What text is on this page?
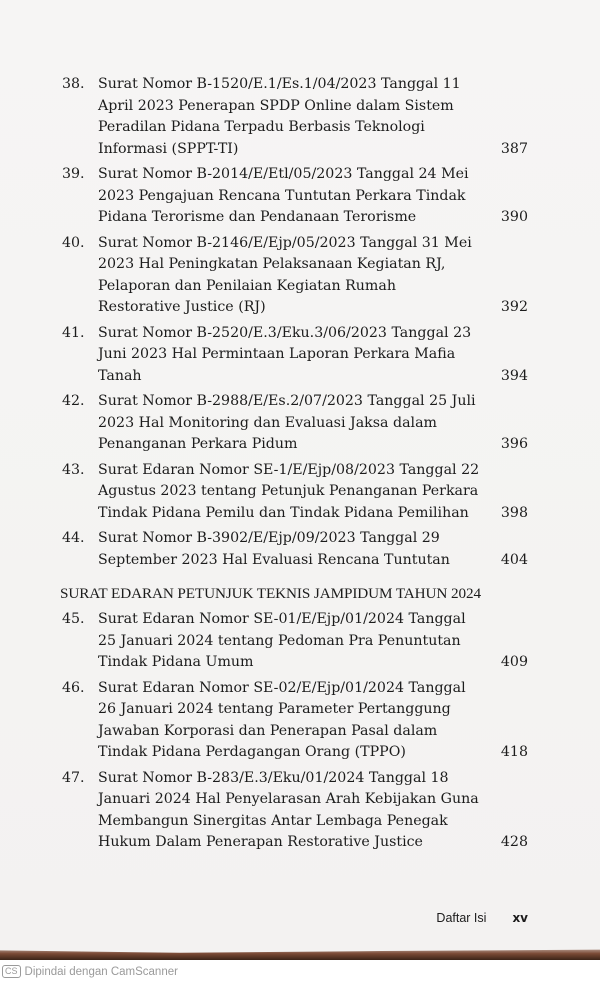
38. Surat Nomor B-1520/E.1/Es.1/04/2023 Tanggal 11 April 2023 Penerapan SPDP Online dalam Sistem Peradilan Pidana Terpadu Berbasis Teknologi Informasi (SPPT-TI)	387
39. Surat Nomor B-2014/E/Etl/05/2023 Tanggal 24 Mei 2023 Pengajuan Rencana Tuntutan Perkara Tindak Pidana Terorisme dan Pendanaan Terorisme	390
40. Surat Nomor B-2146/E/Ejp/05/2023 Tanggal 31 Mei 2023 Hal Peningkatan Pelaksanaan Kegiatan RJ, Pelaporan dan Penilaian Kegiatan Rumah Restorative Justice (RJ)	392
41. Surat Nomor B-2520/E.3/Eku.3/06/2023 Tanggal 23 Juni 2023 Hal Permintaan Laporan Perkara Mafia Tanah	394
42. Surat Nomor B-2988/E/Es.2/07/2023 Tanggal 25 Juli 2023 Hal Monitoring dan Evaluasi Jaksa dalam Penanganan Perkara Pidum	396
43. Surat Edaran Nomor SE-1/E/Ejp/08/2023 Tanggal 22 Agustus 2023 tentang Petunjuk Penanganan Perkara Tindak Pidana Pemilu dan Tindak Pidana Pemilihan	398
44. Surat Nomor B-3902/E/Ejp/09/2023 Tanggal 29 September 2023 Hal Evaluasi Rencana Tuntutan	404
SURAT EDARAN PETUNJUK TEKNIS JAMPIDUM TAHUN 2024
45. Surat Edaran Nomor SE-01/E/Ejp/01/2024 Tanggal 25 Januari 2024 tentang Pedoman Pra Penuntutan Tindak Pidana Umum	409
46. Surat Edaran Nomor SE-02/E/Ejp/01/2024 Tanggal 26 Januari 2024 tentang Parameter Pertanggung Jawaban Korporasi dan Penerapan Pasal dalam Tindak Pidana Perdagangan Orang (TPPO)	418
47. Surat Nomor B-283/E.3/Eku/01/2024 Tanggal 18 Januari 2024 Hal Penyelarasan Arah Kebijakan Guna Membangun Sinergitas Antar Lembaga Penegak Hukum Dalam Penerapan Restorative Justice	428
Daftar Isi xv
CS Dipindai dengan CamScanner
